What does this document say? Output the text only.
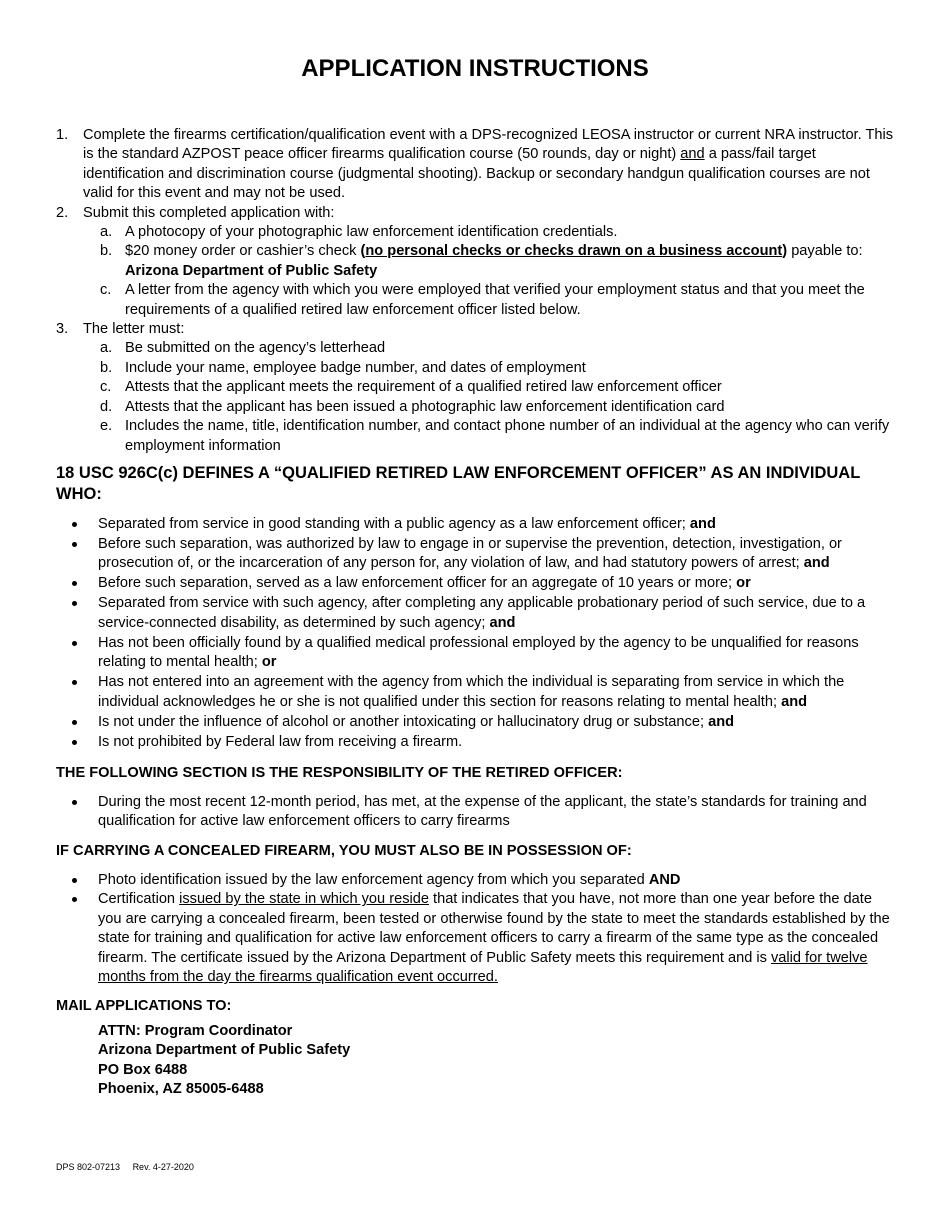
APPLICATION INSTRUCTIONS
1. Complete the firearms certification/qualification event with a DPS-recognized LEOSA instructor or current NRA instructor. This is the standard AZPOST peace officer firearms qualification course (50 rounds, day or night) and a pass/fail target identification and discrimination course (judgmental shooting). Backup or secondary handgun qualification courses are not valid for this event and may not be used.
2. Submit this completed application with:
a. A photocopy of your photographic law enforcement identification credentials.
b. $20 money order or cashier’s check (no personal checks or checks drawn on a business account) payable to: Arizona Department of Public Safety
c. A letter from the agency with which you were employed that verified your employment status and that you meet the requirements of a qualified retired law enforcement officer listed below.
3. The letter must:
a. Be submitted on the agency’s letterhead
b. Include your name, employee badge number, and dates of employment
c. Attests that the applicant meets the requirement of a qualified retired law enforcement officer
d. Attests that the applicant has been issued a photographic law enforcement identification card
e. Includes the name, title, identification number, and contact phone number of an individual at the agency who can verify employment information
18 USC 926C(c) DEFINES A “QUALIFIED RETIRED LAW ENFORCEMENT OFFICER” AS AN INDIVIDUAL WHO:
Separated from service in good standing with a public agency as a law enforcement officer; and
Before such separation, was authorized by law to engage in or supervise the prevention, detection, investigation, or prosecution of, or the incarceration of any person for, any violation of law, and had statutory powers of arrest; and
Before such separation, served as a law enforcement officer for an aggregate of 10 years or more; or
Separated from service with such agency, after completing any applicable probationary period of such service, due to a service-connected disability, as determined by such agency; and
Has not been officially found by a qualified medical professional employed by the agency to be unqualified for reasons relating to mental health; or
Has not entered into an agreement with the agency from which the individual is separating from service in which the individual acknowledges he or she is not qualified under this section for reasons relating to mental health; and
Is not under the influence of alcohol or another intoxicating or hallucinatory drug or substance; and
Is not prohibited by Federal law from receiving a firearm.
THE FOLLOWING SECTION IS THE RESPONSIBILITY OF THE RETIRED OFFICER:
During the most recent 12-month period, has met, at the expense of the applicant, the state’s standards for training and qualification for active law enforcement officers to carry firearms
IF CARRYING A CONCEALED FIREARM, YOU MUST ALSO BE IN POSSESSION OF:
Photo identification issued by the law enforcement agency from which you separated AND
Certification issued by the state in which you reside that indicates that you have, not more than one year before the date you are carrying a concealed firearm, been tested or otherwise found by the state to meet the standards established by the state for training and qualification for active law enforcement officers to carry a firearm of the same type as the concealed firearm. The certificate issued by the Arizona Department of Public Safety meets this requirement and is valid for twelve months from the day the firearms qualification event occurred.
MAIL APPLICATIONS TO:
ATTN: Program Coordinator
Arizona Department of Public Safety
PO Box 6488
Phoenix, AZ 85005-6488
DPS 802-07213 Rev. 4-27-2020
